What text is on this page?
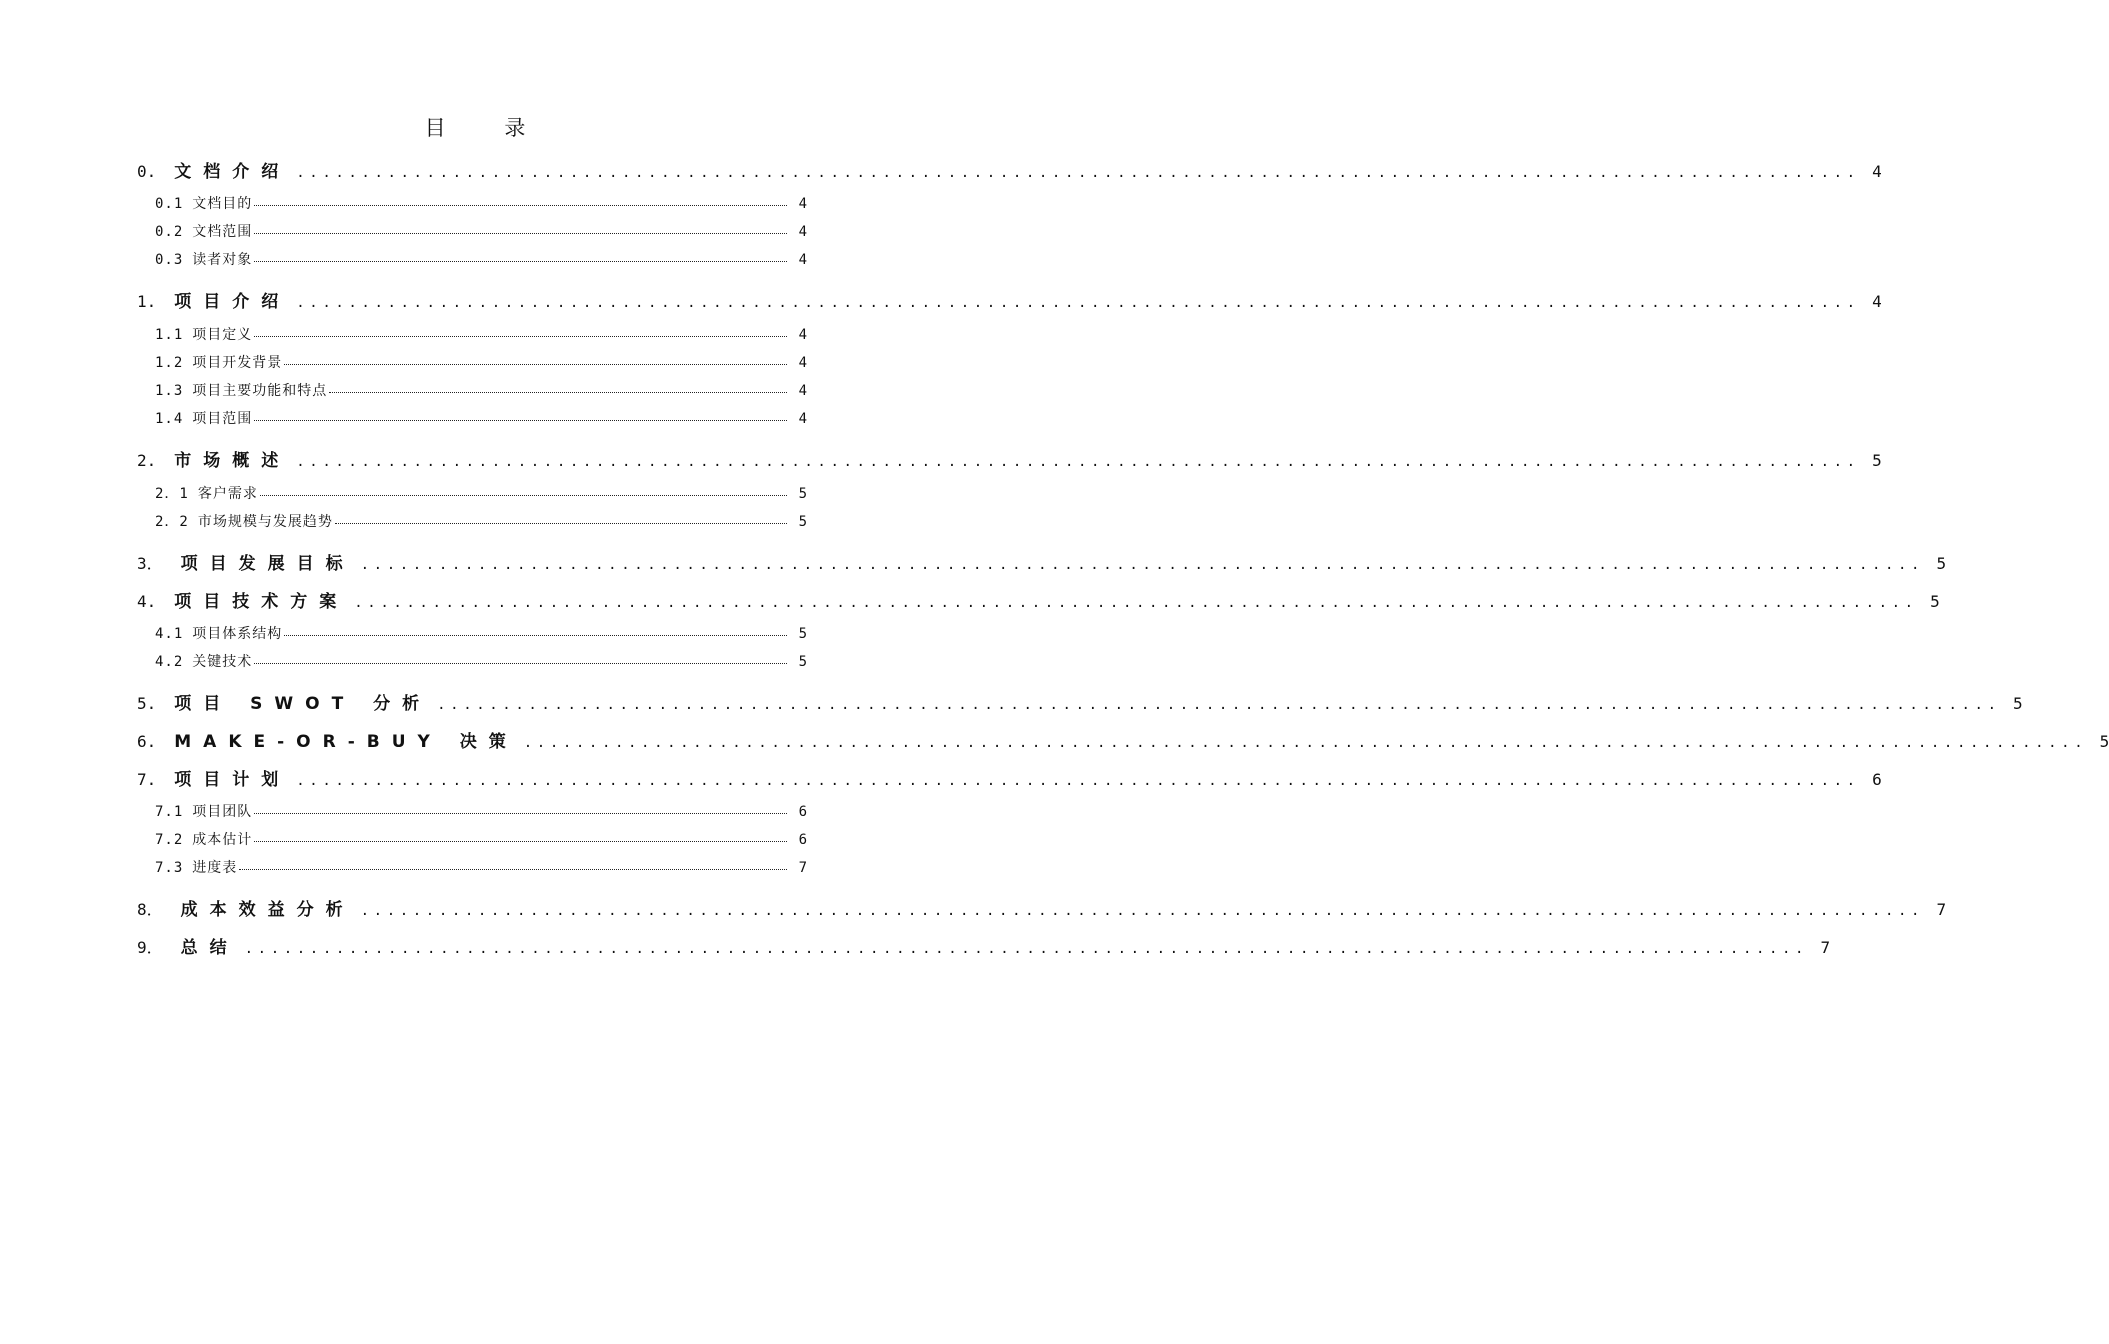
目 录
0. 文档介绍 ........................................................................................................................ 4
0.1 文档目的	4
0.2 文档范围	4
0.3 读者对象	4
1. 项目介绍 ........................................................................................................................ 4
1.1 项目定义	4
1.2 项目开发背景	4
1.3 项目主要功能和特点	4
1.4 项目范围	4
2. 市场概述 ........................................................................................................................ 5
2．1 客户需求	5
2．2 市场规模与发展趋势	5
3． 项目发展目标 ........................................................................................................................ 5
4. 项目技术方案 ........................................................................................................................ 5
4.1 项目体系结构	5
4.2 关键技术	5
5. 项目 SWOT 分析 ........................................................................................................................ 5
6. MAKE-OR-BUY 决策 ........................................................................................................................ 5
7. 项目计划 ........................................................................................................................ 6
7.1 项目团队	6
7.2 成本估计	6
7.3 进度表	7
8． 成本效益分析 ........................................................................................................................ 7
9． 总结 ........................................................................................................................ 7
